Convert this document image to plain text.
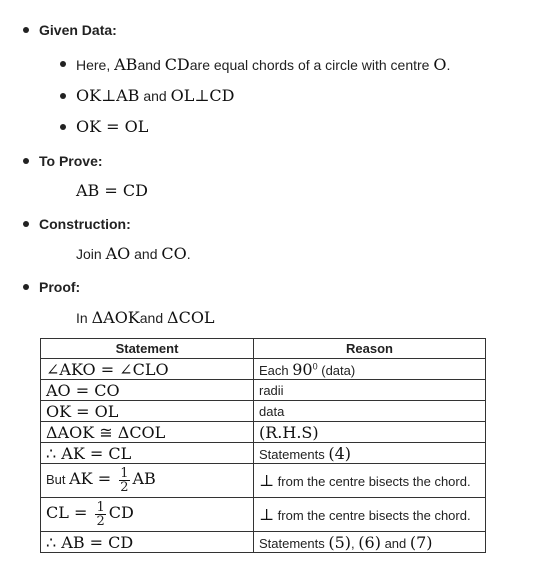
Given Data:
Here, ABand CDare equal chords of a circle with centre O.
OK⊥AB and OL⊥CD
OK = OL
To Prove:
AB = CD
Construction:
Join AO and CO.
Proof:
In ΔAOKand ΔCOL
Statement	Reason
∠AKO = ∠CLO	Each $90^0$ (data)
AO = CO	radii
OK = OL	data
ΔAOK ≅ ΔCOL	(R.H.S)
∴ AK = CL	Statements (4)
But AK = $\frac{1}{2}$ AB	⊥ from the centre bisects the chord.
CL = $\frac{1}{2}$ CD	⊥ from the centre bisects the chord.
∴ AB = CD	Statements (5), (6) and (7)
